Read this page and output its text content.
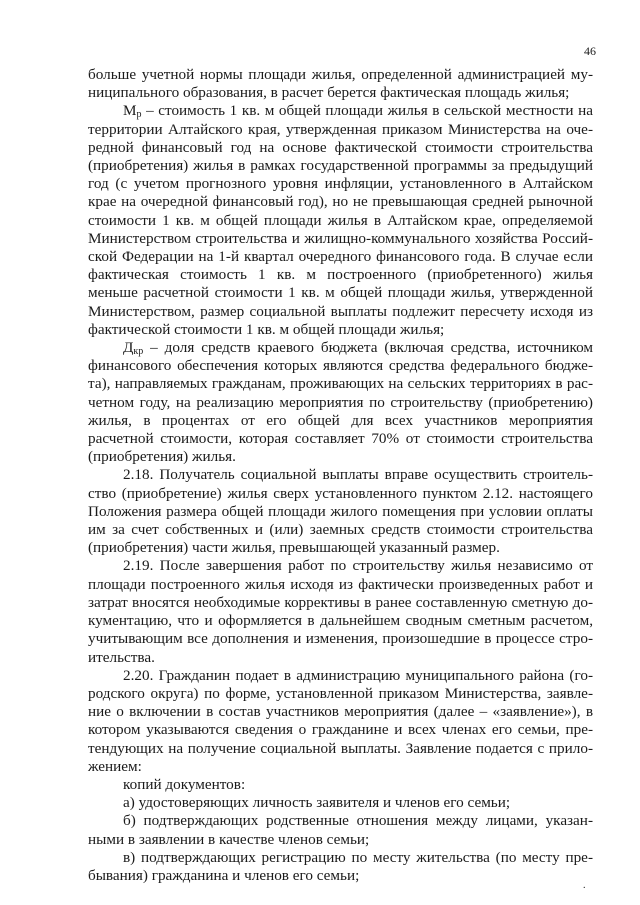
46

больше учетной нормы площади жилья, определенной администрацией муниципального образования, в расчет берется фактическая площадь жилья;

$М_р$ – стоимость 1 кв. м общей площади жилья в сельской местности на территории Алтайского края, утвержденная приказом Министерства на очередной финансовый год на основе фактической стоимости строительства (приобретения) жилья в рамках государственной программы за предыдущий год (с учетом прогнозного уровня инфляции, установленного в Алтайском крае на очередной финансовый год), но не превышающая средней рыночной стоимости 1 кв. м общей площади жилья в Алтайском крае, определяемой Министерством строительства и жилищно-коммунального хозяйства Российской Федерации на 1-й квартал очередного финансового года. В случае если фактическая стоимость 1 кв. м построенного (приобретенного) жилья меньше расчетной стоимости 1 кв. м общей площади жилья, утвержденной Министерством, размер социальной выплаты подлежит пересчету исходя из фактической стоимости 1 кв. м общей площади жилья;

$Д_{кр}$ – доля средств краевого бюджета (включая средства, источником финансового обеспечения которых являются средства федерального бюджета), направляемых гражданам, проживающих на сельских территориях в расчетном году, на реализацию мероприятия по строительству (приобретению) жилья, в процентах от его общей для всех участников мероприятия расчетной стоимости, которая составляет 70% от стоимости строительства (приобретения) жилья.

2.18. Получатель социальной выплаты вправе осуществить строительство (приобретение) жилья сверх установленного пунктом 2.12. настоящего Положения размера общей площади жилого помещения при условии оплаты им за счет собственных и (или) заемных средств стоимости строительства (приобретения) части жилья, превышающей указанный размер.

2.19. После завершения работ по строительству жилья независимо от площади построенного жилья исходя из фактически произведенных работ и затрат вносятся необходимые коррективы в ранее составленную сметную документацию, что и оформляется в дальнейшем сводным сметным расчетом, учитывающим все дополнения и изменения, произошедшие в процессе строительства.

2.20. Гражданин подает в администрацию муниципального района (городского округа) по форме, установленной приказом Министерства, заявление о включении в состав участников мероприятия (далее – «заявление»), в котором указываются сведения о гражданине и всех членах его семьи, претендующих на получение социальной выплаты. Заявление подается с приложением:

копий документов:

а) удостоверяющих личность заявителя и членов его семьи;

б) подтверждающих родственные отношения между лицами, указанными в заявлении в качестве членов семьи;

в) подтверждающих регистрацию по месту жительства (по месту пребывания) гражданина и членов его семьи;

.
